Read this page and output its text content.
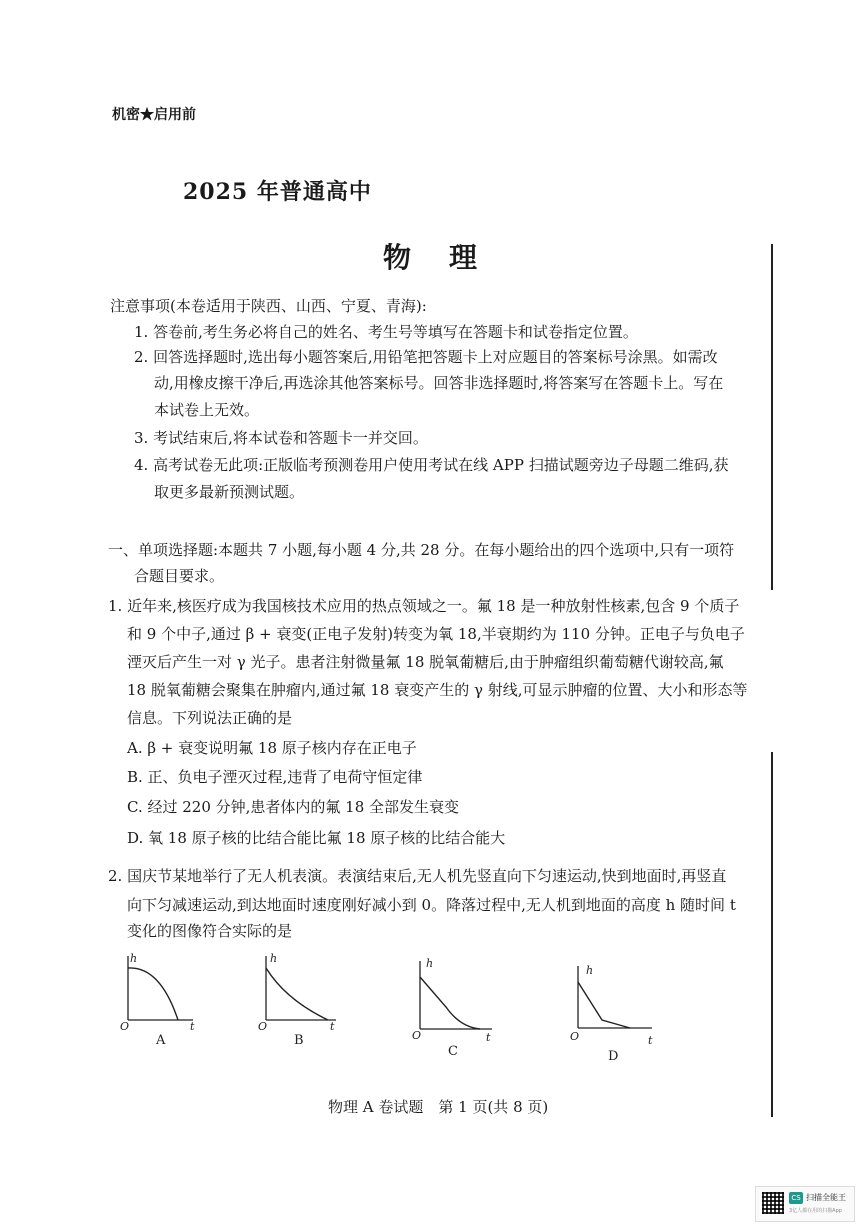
机密★启用前
2025 年普通高中
物理
注意事项(本卷适用于陕西、山西、宁夏、青海):
1. 答卷前,考生务必将自己的姓名、考生号等填写在答题卡和试卷指定位置。
2. 回答选择题时,选出每小题答案后,用铅笔把答题卡上对应题目的答案标号涂黑。如需改
动,用橡皮擦干净后,再选涂其他答案标号。回答非选择题时,将答案写在答题卡上。写在
本试卷上无效。
3. 考试结束后,将本试卷和答题卡一并交回。
4. 高考试卷无此项:正版临考预测卷用户使用考试在线 APP 扫描试题旁边子母题二维码,获
取更多最新预测试题。
一、单项选择题:本题共 7 小题,每小题 4 分,共 28 分。在每小题给出的四个选项中,只有一项符
合题目要求。
1. 近年来,核医疗成为我国核技术应用的热点领域之一。氟 18 是一种放射性核素,包含 9 个质子
和 9 个中子,通过 β + 衰变(正电子发射)转变为氧 18,半衰期约为 110 分钟。正电子与负电子
湮灭后产生一对 γ 光子。患者注射微量氟 18 脱氧葡糖后,由于肿瘤组织葡萄糖代谢较高,氟
18 脱氧葡糖会聚集在肿瘤内,通过氟 18 衰变产生的 γ 射线,可显示肿瘤的位置、大小和形态等
信息。下列说法正确的是
A. β + 衰变说明氟 18 原子核内存在正电子
B. 正、负电子湮灭过程,违背了电荷守恒定律
C. 经过 220 分钟,患者体内的氟 18 全部发生衰变
D. 氧 18 原子核的比结合能比氟 18 原子核的比结合能大
2. 国庆节某地举行了无人机表演。表演结束后,无人机先竖直向下匀速运动,快到地面时,再竖直
向下匀减速运动,到达地面时速度刚好减小到 0。降落过程中,无人机到地面的高度 h 随时间 t
变化的图像符合实际的是
h
O	t
A
h
O	t
B
h
O	t
C
h
O	t
D
物理 A 卷试题　第 1 页(共 8 页)
CS 扫描全能王
3亿人都在用的扫描App
